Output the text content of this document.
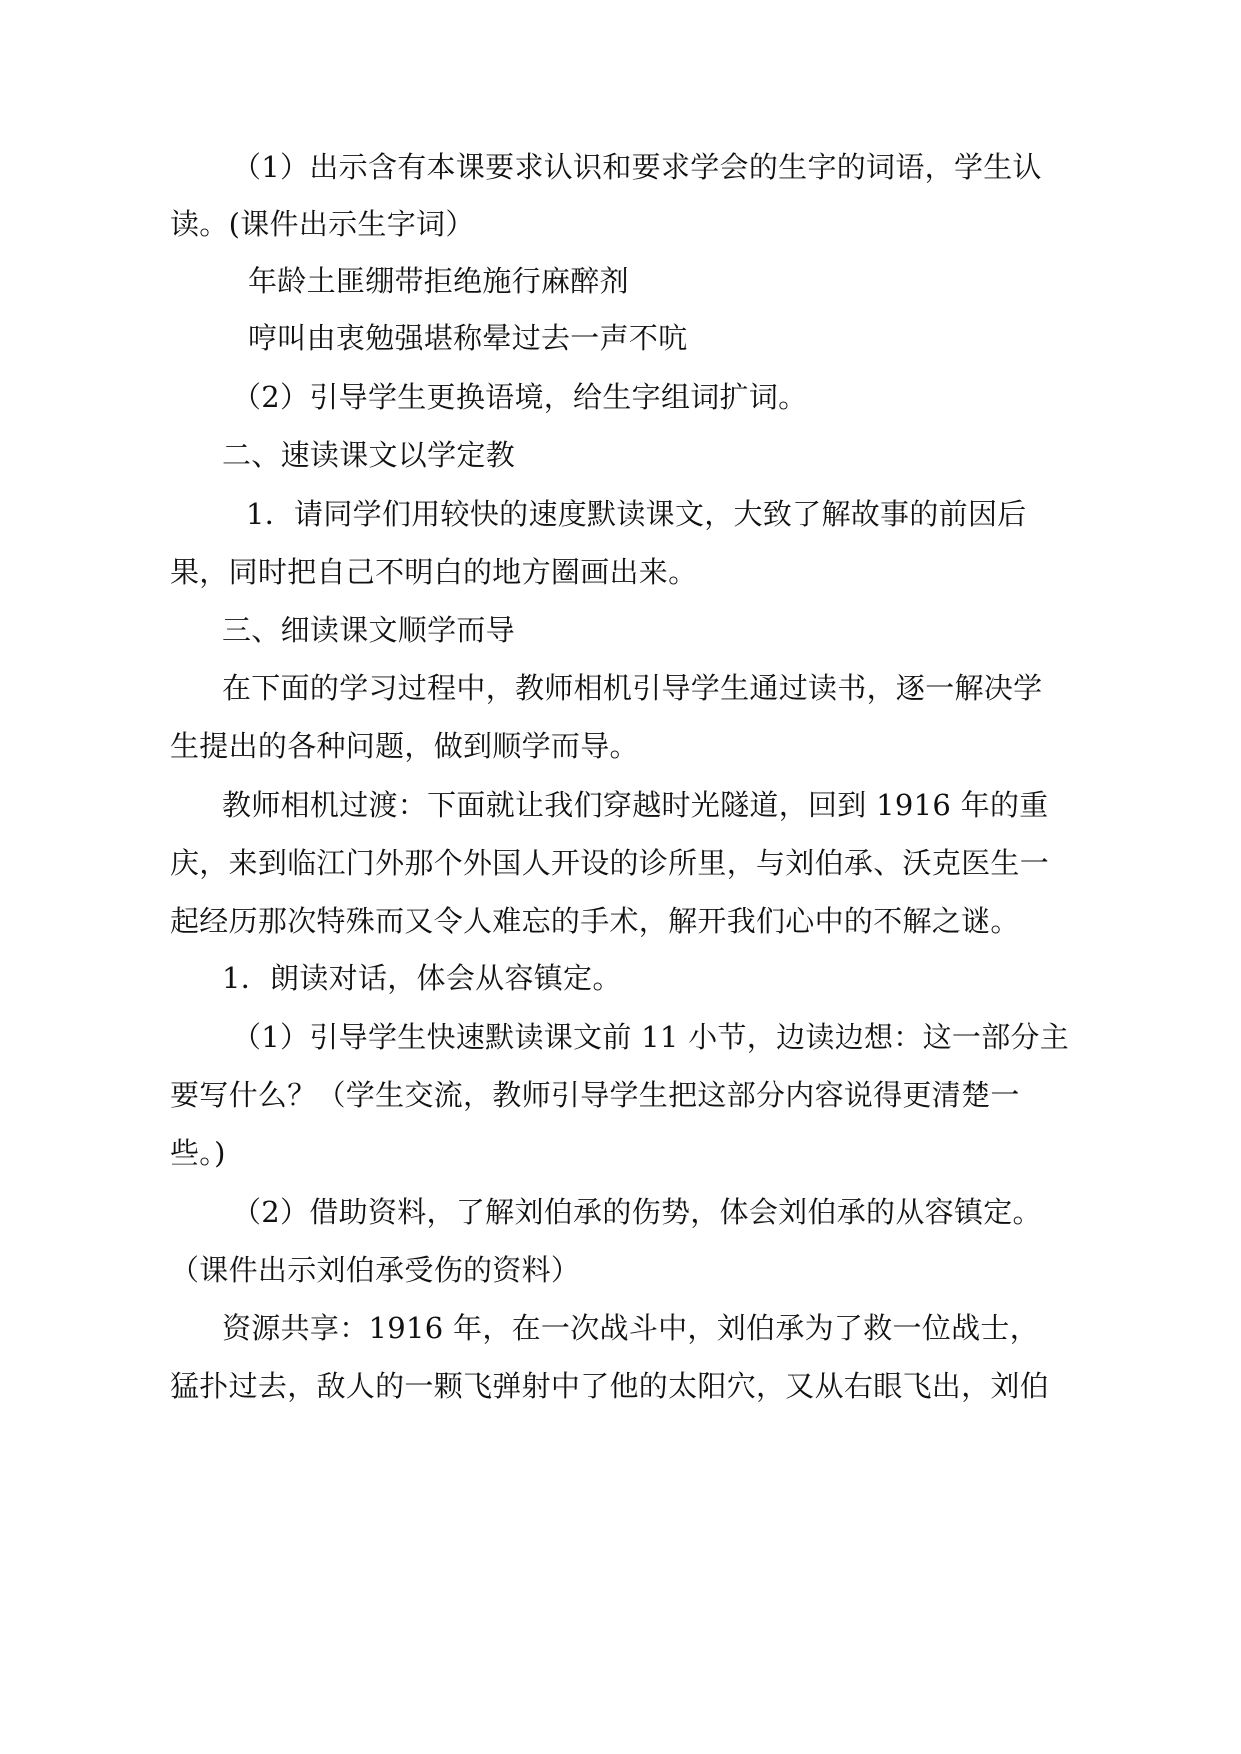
（1）出示含有本课要求认识和要求学会的生字的词语，学生认
读。(课件出示生字词）
年龄土匪绷带拒绝施行麻醉剂
哼叫由衷勉强堪称晕过去一声不吭
（2）引导学生更换语境，给生字组词扩词。
二、速读课文以学定教
1．请同学们用较快的速度默读课文，大致了解故事的前因后
果，同时把自己不明白的地方圈画出来。
三、细读课文顺学而导
在下面的学习过程中，教师相机引导学生通过读书，逐一解决学
生提出的各种问题，做到顺学而导。
教师相机过渡：下面就让我们穿越时光隧道，回到 1916 年的重
庆，来到临江门外那个外国人开设的诊所里，与刘伯承、沃克医生一
起经历那次特殊而又令人难忘的手术，解开我们心中的不解之谜。
1．朗读对话，体会从容镇定。
（1）引导学生快速默读课文前 11 小节，边读边想：这一部分主
要写什么？（学生交流，教师引导学生把这部分内容说得更清楚一
些。)
（2）借助资料，了解刘伯承的伤势，体会刘伯承的从容镇定。
（课件出示刘伯承受伤的资料）
资源共享：1916 年，在一次战斗中，刘伯承为了救一位战士，
猛扑过去，敌人的一颗飞弹射中了他的太阳穴，又从右眼飞出，刘伯
